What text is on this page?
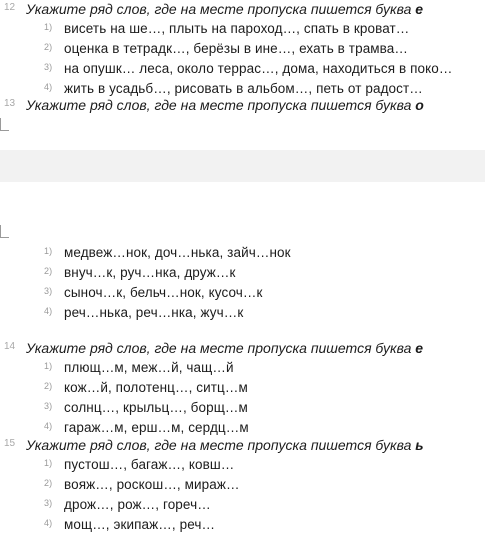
12 Укажите ряд слов, где на месте пропуска пишется буква е
1) висеть на ше…, плыть на пароход…, спать в кроват…
2) оценка в тетрадк…, берёзы в ине…, ехать в трамва…
3) на опушк… леса, около террас…, дома, находиться в поко…
4) жить в усадьб…, рисовать в альбом…, петь от радост…
13 Укажите ряд слов, где на месте пропуска пишется буква о
1) медвеж…нок, доч…нька, зайч…нок
2) внуч…к, руч…нка, друж…к
3) сыноч…к, бельч…нок, кусоч…к
4) реч…нька, реч…нка, жуч…к
14 Укажите ряд слов, где на месте пропуска пишется буква е
1) плющ…м, меж…й, чащ…й
2) кож…й, полотенц…, ситц…м
3) солнц…, крыльц…, борщ…м
4) гараж…м, ерш…м, сердц…м
15 Укажите ряд слов, где на месте пропуска пишется буква ь
1) пустош…, багаж…, ковш…
2) вояж…, роскош…, мираж…
3) дрож…, рож…, гореч…
4) мощ…, экипаж…, реч…
